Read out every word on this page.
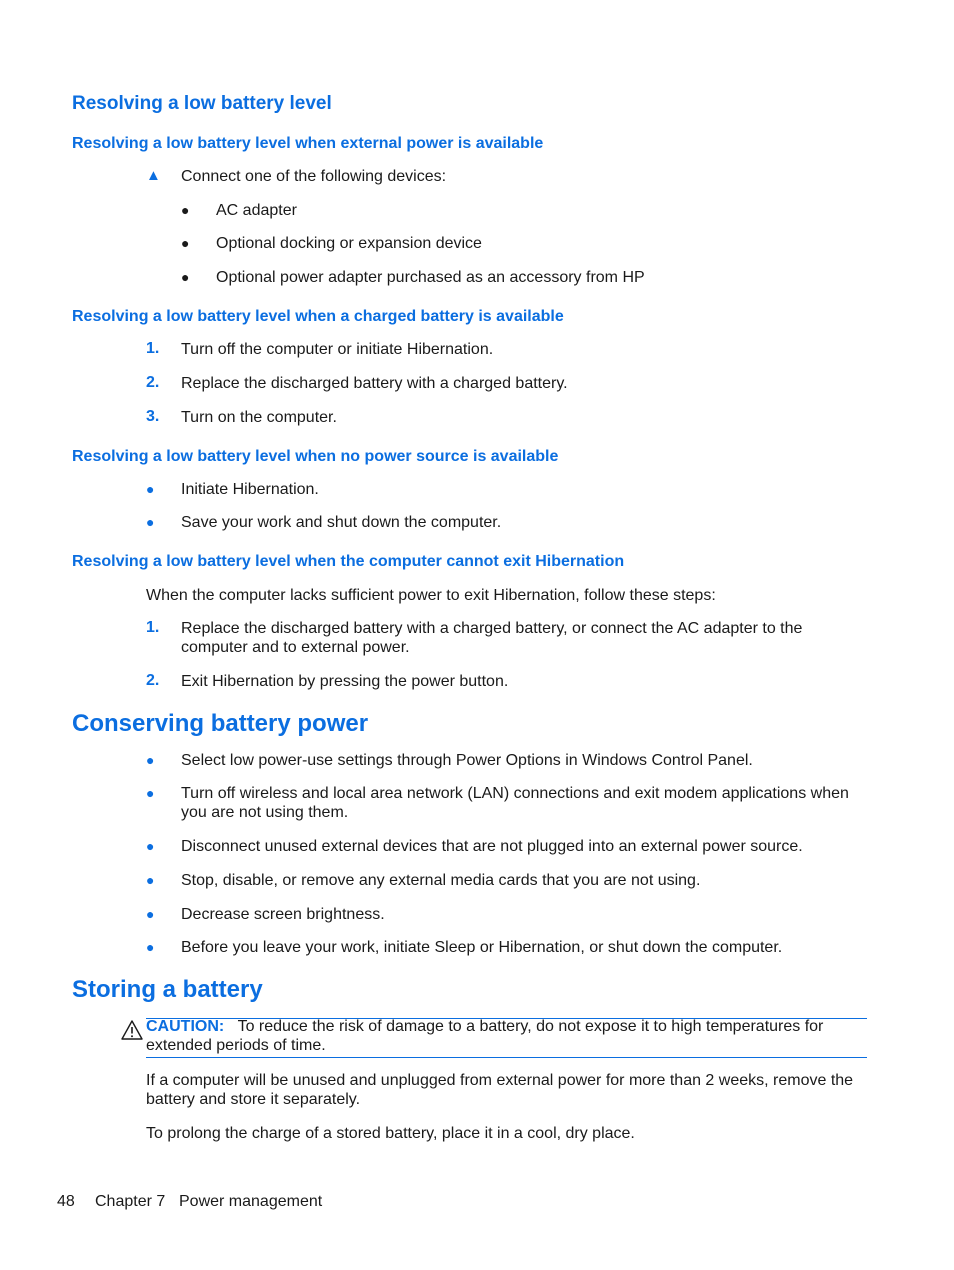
Resolving a low battery level
Resolving a low battery level when external power is available
▲ Connect one of the following devices:
● AC adapter
● Optional docking or expansion device
● Optional power adapter purchased as an accessory from HP
Resolving a low battery level when a charged battery is available
1. Turn off the computer or initiate Hibernation.
2. Replace the discharged battery with a charged battery.
3. Turn on the computer.
Resolving a low battery level when no power source is available
● Initiate Hibernation.
● Save your work and shut down the computer.
Resolving a low battery level when the computer cannot exit Hibernation
When the computer lacks sufficient power to exit Hibernation, follow these steps:
1. Replace the discharged battery with a charged battery, or connect the AC adapter to the computer and to external power.
2. Exit Hibernation by pressing the power button.
Conserving battery power
● Select low power-use settings through Power Options in Windows Control Panel.
● Turn off wireless and local area network (LAN) connections and exit modem applications when you are not using them.
● Disconnect unused external devices that are not plugged into an external power source.
● Stop, disable, or remove any external media cards that you are not using.
● Decrease screen brightness.
● Before you leave your work, initiate Sleep or Hibernation, or shut down the computer.
Storing a battery
CAUTION: To reduce the risk of damage to a battery, do not expose it to high temperatures for extended periods of time.
If a computer will be unused and unplugged from external power for more than 2 weeks, remove the battery and store it separately.
To prolong the charge of a stored battery, place it in a cool, dry place.
48 Chapter 7 Power management
